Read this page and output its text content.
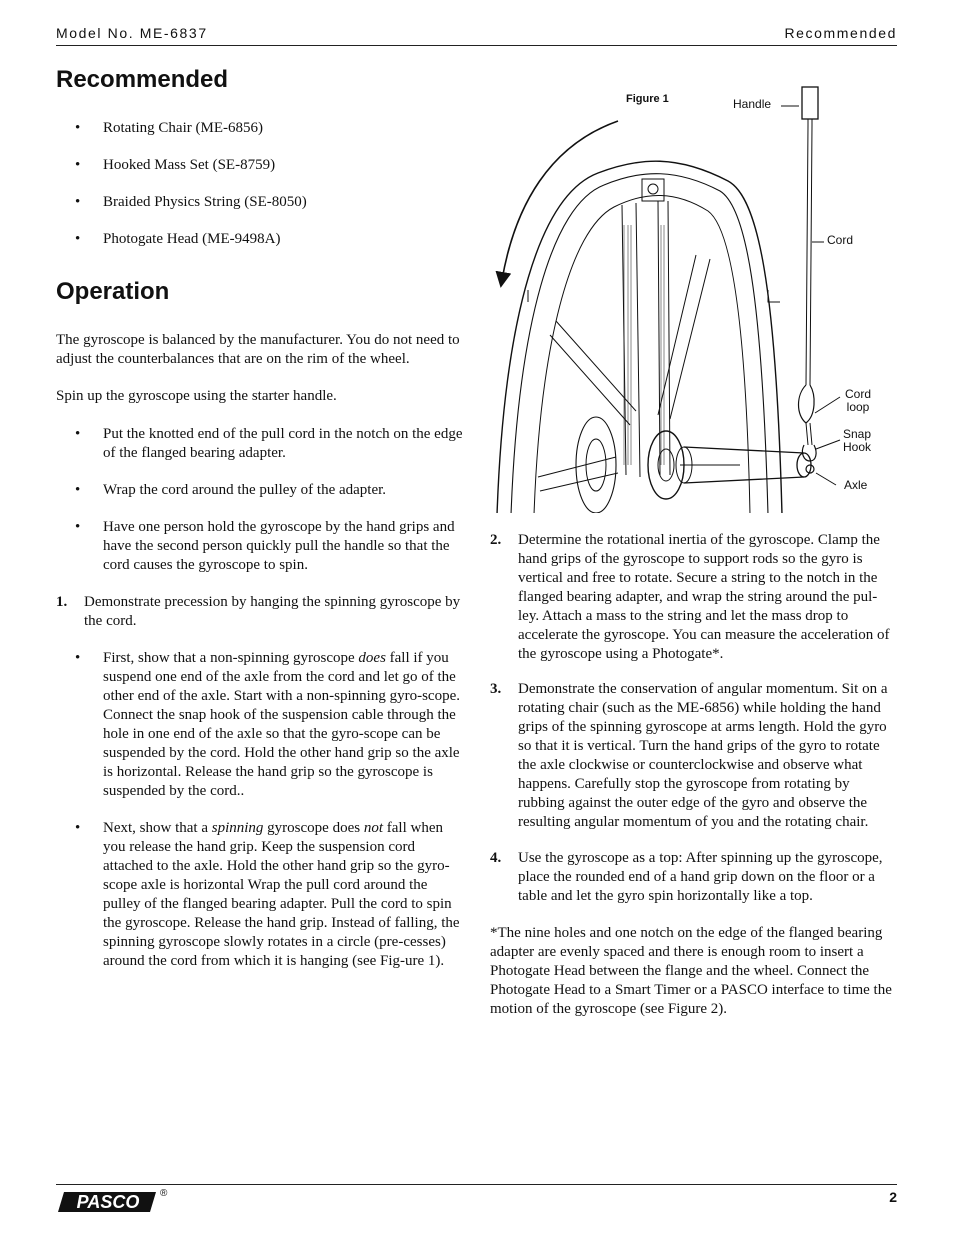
Model No. ME-6837	Recommended
Recommended
• Rotating Chair (ME-6856)
• Hooked Mass Set (SE-8759)
• Braided Physics String (SE-8050)
• Photogate Head (ME-9498A)
Operation

The gyroscope is balanced by the manufacturer. You do not need to adjust the counterbalances that are on the rim of the wheel.

Spin up the gyroscope using the starter handle.

• Put the knotted end of the pull cord in the notch on the edge of the flanged bearing adapter.
• Wrap the cord around the pulley of the adapter.
• Have one person hold the gyroscope by the hand grips and have the second person quickly pull the handle so that the cord causes the gyroscope to spin.
1.	Demonstrate precession by hanging the spinning gyroscope by the cord.
• First, show that a non-spinning gyroscope does fall if you suspend one end of the axle from the cord and let go of the other end of the axle. Start with a non-spinning gyro-scope. Connect the snap hook of the suspension cable through the hole in one end of the axle so that the gyro-scope can be suspended by the cord. Hold the other hand grip so the axle is horizontal. Release the hand grip so the gyroscope is suspended by the cord..
• Next, show that a spinning gyroscope does not fall when you release the hand grip. Keep the suspension cord attached to the axle. Hold the other hand grip so the gyro-scope axle is horizontal Wrap the pull cord around the pulley of the flanged bearing adapter. Pull the cord to spin the gyroscope. Release the hand grip. Instead of falling, the spinning gyroscope slowly rotates in a circle (pre-cesses) around the cord from which it is hanging (see Fig-ure 1).
Figure 1	Handle
Cord
Cord
loop
Snap
Hook
Axle
2.	Determine the rotational inertia of the gyroscope. Clamp the hand grips of the gyroscope to support rods so the gyro is vertical and free to rotate. Secure a string to the notch in the flanged bearing adapter, and wrap the string around the pul-ley. Attach a mass to the string and let the mass drop to accelerate the gyroscope. You can measure the acceleration of the gyroscope using a Photogate*.
3.	Demonstrate the conservation of angular momentum. Sit on a rotating chair (such as the ME-6856) while holding the hand grips of the spinning gyroscope at arms length. Hold the gyro so that it is vertical. Turn the hand grips of the gyro to rotate the axle clockwise or counterclockwise and observe what happens. Carefully stop the gyroscope from rotating by rubbing against the outer edge of the gyro and observe the resulting angular momentum of you and the rotating chair.
4.	Use the gyroscope as a top: After spinning up the gyroscope, place the rounded end of a hand grip down on the floor or a table and let the gyro spin horizontally like a top.

*The nine holes and one notch on the edge of the flanged bearing adapter are evenly spaced and there is enough room to insert a Photogate Head between the flange and the wheel. Connect the Photogate Head to a Smart Timer or a PASCO interface to time the motion of the gyroscope (see Figure 2).

PASCO ®	2
